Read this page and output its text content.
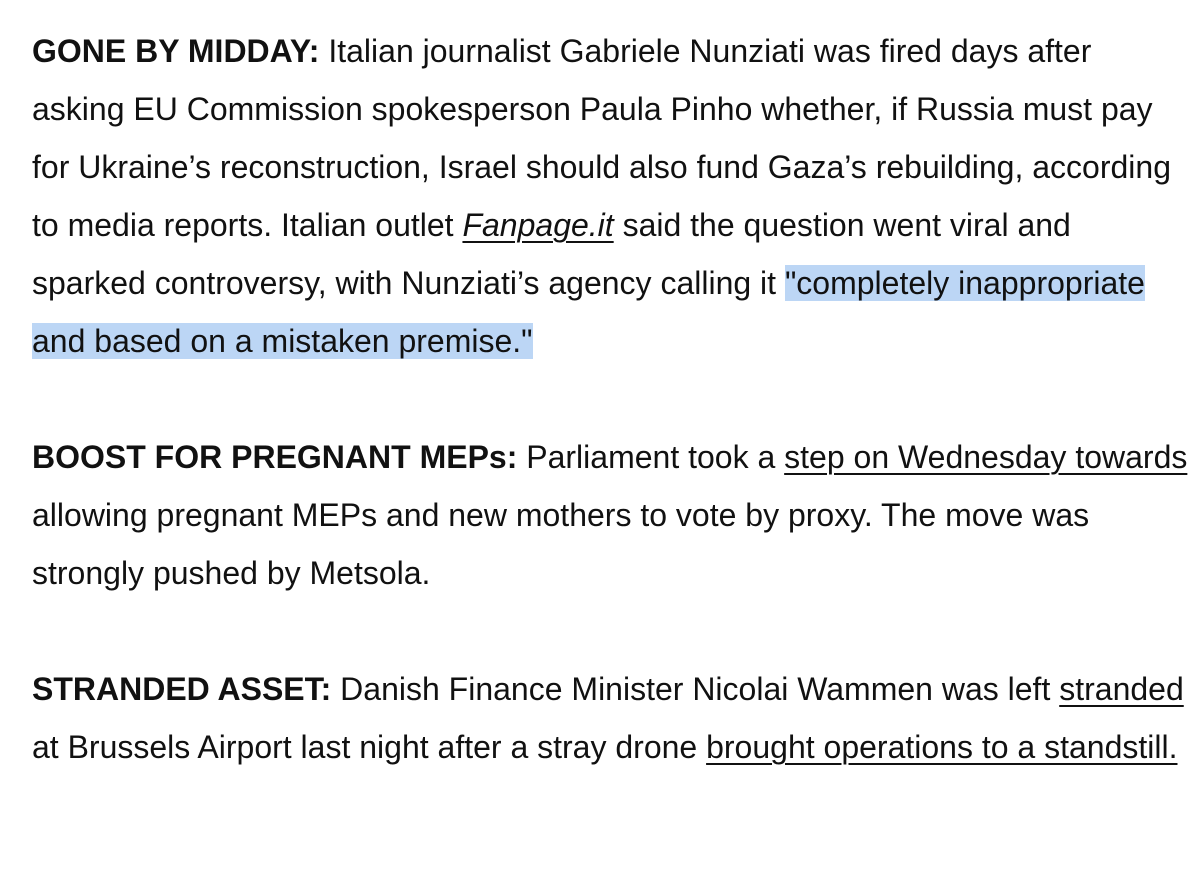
GONE BY MIDDAY: Italian journalist Gabriele Nunziati was fired days after asking EU Commission spokesperson Paula Pinho whether, if Russia must pay for Ukraine’s reconstruction, Israel should also fund Gaza’s rebuilding, according to media reports. Italian outlet Fanpage.it said the question went viral and sparked controversy, with Nunziati’s agency calling it "completely inappropriate and based on a mistaken premise."

BOOST FOR PREGNANT MEPs: Parliament took a step on Wednesday towards allowing pregnant MEPs and new mothers to vote by proxy. The move was strongly pushed by Metsola.

STRANDED ASSET: Danish Finance Minister Nicolai Wammen was left stranded at Brussels Airport last night after a stray drone brought operations to a standstill.
